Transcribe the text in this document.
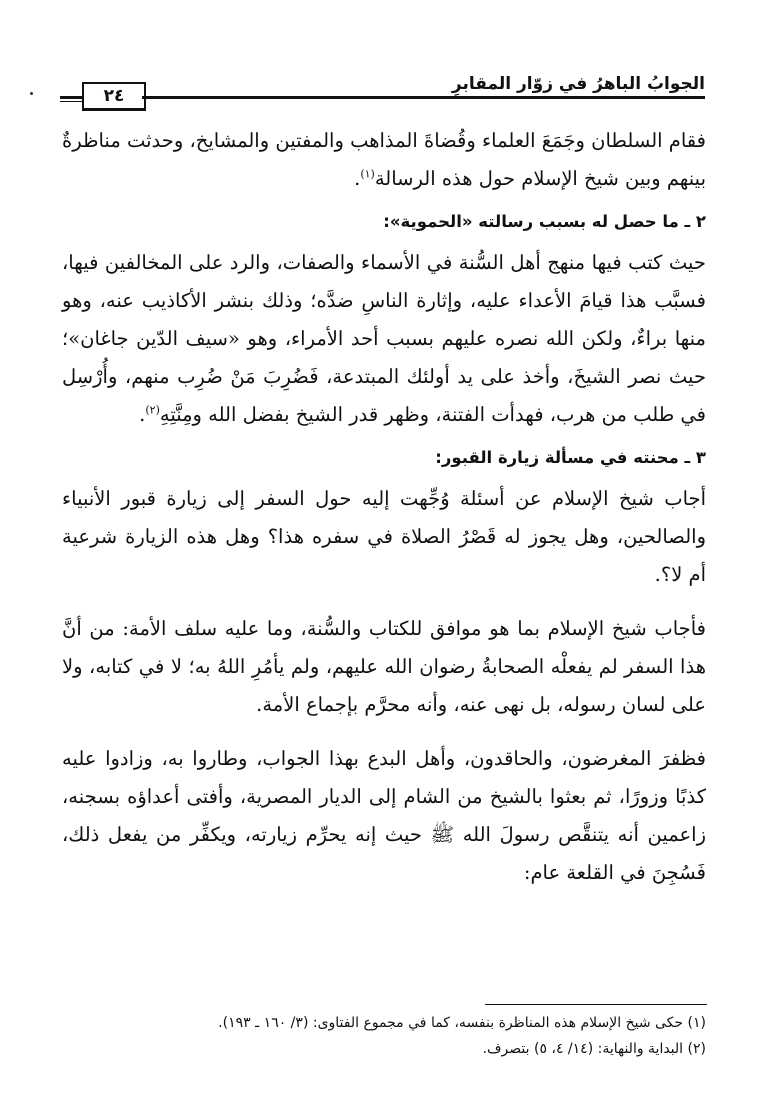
الجوابُ الباهرُ في زوّار المقابرِ
٢٤

فقام السلطان وجَمَعَ العلماء وقُضاةَ المذاهب والمفتين والمشايخ، وحدثت مناظرةٌ بينهم وبين شيخ الإسلام حول هذه الرسالة$^{(١)}$.

٢ ـ ما حصل له بسبب رسالته «الحموية»:

حيث كتب فيها منهج أهل السُّنة في الأسماء والصفات، والرد على المخالفين فيها، فسبَّب هذا قيامَ الأعداء عليه، وإثارة الناسِ ضدَّه؛ وذلك بنشر الأكاذيب عنه، وهو منها براءٌ، ولكن الله نصره عليهم بسبب أحد الأمراء، وهو «سيف الدّين جاغان»؛ حيث نصر الشيخَ، وأخذ على يد أولئك المبتدعة، فَضُرِبَ مَنْ ضُرِب منهم، وأُرْسِل في طلب من هرب، فهدأت الفتنة، وظهر قدر الشيخ بفضل الله ومِنَّتِهِ$^{(٢)}$.

٣ ـ محنته في مسألة زيارة القبور:

أجاب شيخ الإسلام عن أسئلة وُجِّهت إليه حول السفر إلى زيارة قبور الأنبياء والصالحين، وهل يجوز له قَصْرُ الصلاة في سفره هذا؟ وهل هذه الزيارة شرعية أم لا؟.

فأجاب شيخ الإسلام بما هو موافق للكتاب والسُّنة، وما عليه سلف الأمة: من أنَّ هذا السفر لم يفعلْه الصحابةُ رضوان الله عليهم، ولم يأمُرِ اللهُ به؛ لا في كتابه، ولا على لسان رسوله، بل نهى عنه، وأنه محرَّم بإجماع الأمة.

فظفرَ المغرضون، والحاقدون، وأهل البدع بهذا الجواب، وطاروا به، وزادوا عليه كذبًا وزورًا، ثم بعثوا بالشيخ من الشام إلى الديار المصرية، وأفتى أعداؤه بسجنه، زاعمين أنه يتنقَّص رسولَ الله ﷺ حيث إنه يحرِّم زيارته، ويكفِّر من يفعل ذلك، فَسُجِنَ في القلعة عام:

(١) حكى شيخ الإسلام هذه المناظرة بنفسه، كما في مجموع الفتاوى: (٣/ ١٦٠ ـ ١٩٣).

(٢) البداية والنهاية: (١٤/ ٤، ٥) بتصرف.
